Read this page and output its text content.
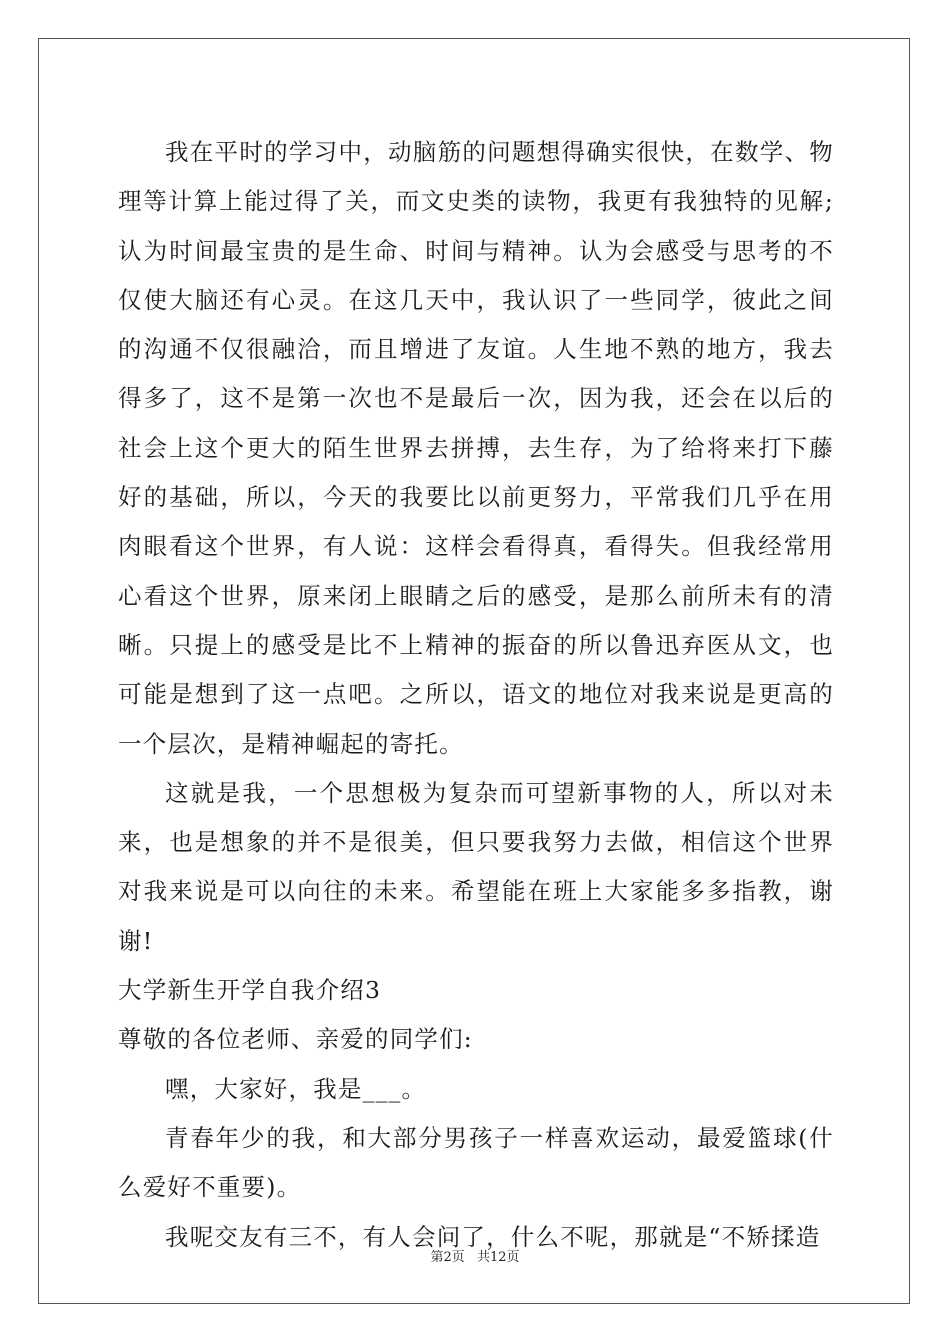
我在平时的学习中，动脑筋的问题想得确实很快，在数学、物理等计算上能过得了关，而文史类的读物，我更有我独特的见解;认为时间最宝贵的是生命、时间与精神。认为会感受与思考的不仅使大脑还有心灵。在这几天中，我认识了一些同学，彼此之间的沟通不仅很融洽，而且增进了友谊。人生地不熟的地方，我去得多了，这不是第一次也不是最后一次，因为我，还会在以后的社会上这个更大的陌生世界去拼搏，去生存，为了给将来打下藤好的基础，所以，今天的我要比以前更努力，平常我们几乎在用肉眼看这个世界，有人说：这样会看得真，看得失。但我经常用心看这个世界，原来闭上眼睛之后的感受，是那么前所未有的清晰。只提上的感受是比不上精神的振奋的所以鲁迅弃医从文，也可能是想到了这一点吧。之所以，语文的地位对我来说是更高的一个层次，是精神崛起的寄托。

这就是我，一个思想极为复杂而可望新事物的人，所以对未来，也是想象的并不是很美，但只要我努力去做，相信这个世界对我来说是可以向往的未来。希望能在班上大家能多多指教，谢谢!

大学新生开学自我介绍3

尊敬的各位老师、亲爱的同学们:

嘿，大家好，我是___。

青春年少的我，和大部分男孩子一样喜欢运动，最爱篮球(什么爱好不重要)。

我呢交友有三不，有人会问了，什么不呢，那就是“不矫揉造

第2页 共12页
